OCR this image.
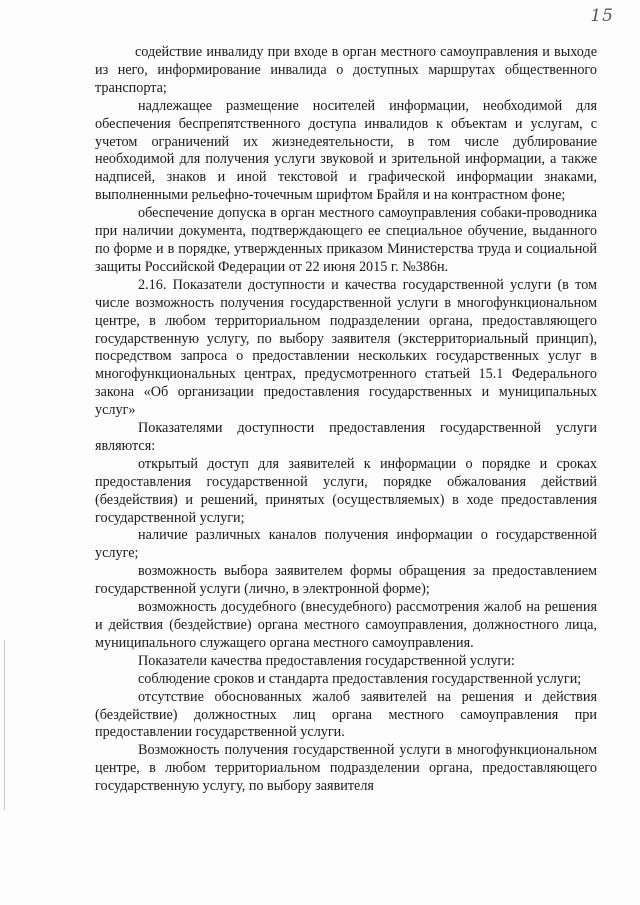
15

содействие инвалиду при входе в орган местного самоуправления и выходе из него, информирование инвалида о доступных маршрутах общественного транспорта;

надлежащее размещение носителей информации, необходимой для обеспечения беспрепятственного доступа инвалидов к объектам и услугам, с учетом ограничений их жизнедеятельности, в том числе дублирование необходимой для получения услуги звуковой и зрительной информации, а также надписей, знаков и иной текстовой и графической информации знаками, выполненными рельефно-точечным шрифтом Брайля и на контрастном фоне;

обеспечение допуска в орган местного самоуправления собаки-проводника при наличии документа, подтверждающего ее специальное обучение, выданного по форме и в порядке, утвержденных приказом Министерства труда и социальной защиты Российской Федерации от 22 июня 2015 г. №386н.

2.16. Показатели доступности и качества государственной услуги (в том числе возможность получения государственной услуги в многофункциональном центре, в любом территориальном подразделении органа, предоставляющего государственную услугу, по выбору заявителя (экстерриториальный принцип), посредством запроса о предоставлении нескольких государственных услуг в многофункциональных центрах, предусмотренного статьей 15.1 Федерального закона «Об организации предоставления государственных и муниципальных услуг»

Показателями доступности предоставления государственной услуги являются:

открытый доступ для заявителей к информации о порядке и сроках предоставления государственной услуги, порядке обжалования действий (бездействия) и решений, принятых (осуществляемых) в ходе предоставления государственной услуги;

наличие различных каналов получения информации о государственной услуге;

возможность выбора заявителем формы обращения за предоставлением государственной услуги (лично, в электронной форме);

возможность досудебного (внесудебного) рассмотрения жалоб на решения и действия (бездействие) органа местного самоуправления, должностного лица, муниципального служащего органа местного самоуправления.

Показатели качества предоставления государственной услуги:

соблюдение сроков и стандарта предоставления государственной услуги;

отсутствие обоснованных жалоб заявителей на решения и действия (бездействие) должностных лиц органа местного самоуправления при предоставлении государственной услуги.

Возможность получения государственной услуги в многофункциональном центре, в любом территориальном подразделении органа, предоставляющего государственную услугу, по выбору заявителя
